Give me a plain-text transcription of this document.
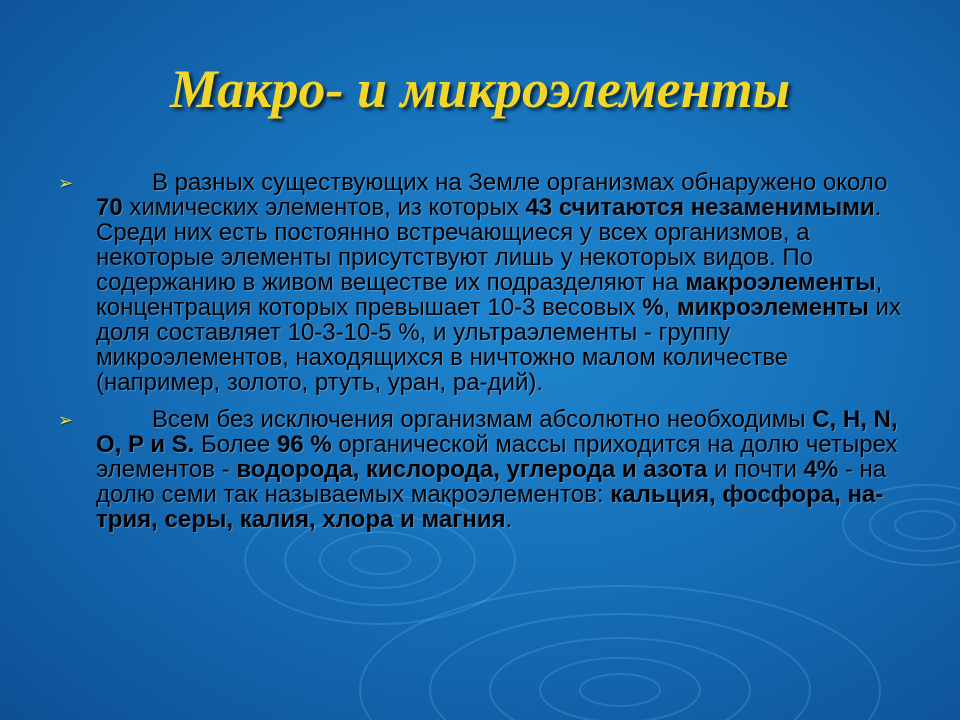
Макро- и микроэлементы
➢	В разных существующих на Земле организмах обнаружено около 70 химических элементов, из которых 43 считаются незаменимыми. Среди них есть постоянно встречающиеся у всех организмов, а некоторые элементы присутствуют лишь у некоторых видов. По содержанию в живом веществе их подразделяют на макроэлементы, концентрация которых превышает 10-3 весовых %, микроэлементы их доля составляет 10-3-10-5 %, и ультраэлементы - группу микроэлементов, находящихся в ничтожно малом количестве (например, золото, ртуть, уран, ра-дий).
➢	Всем без исключения организмам абсолютно необходимы C, H, N, O, P и S. Более 96 % органической массы приходится на долю четырех элементов - водорода, кислорода, углерода и азота и почти 4% - на долю семи так называемых макроэлементов: кальция, фосфора, на-трия, серы, калия, хлора и магния.
